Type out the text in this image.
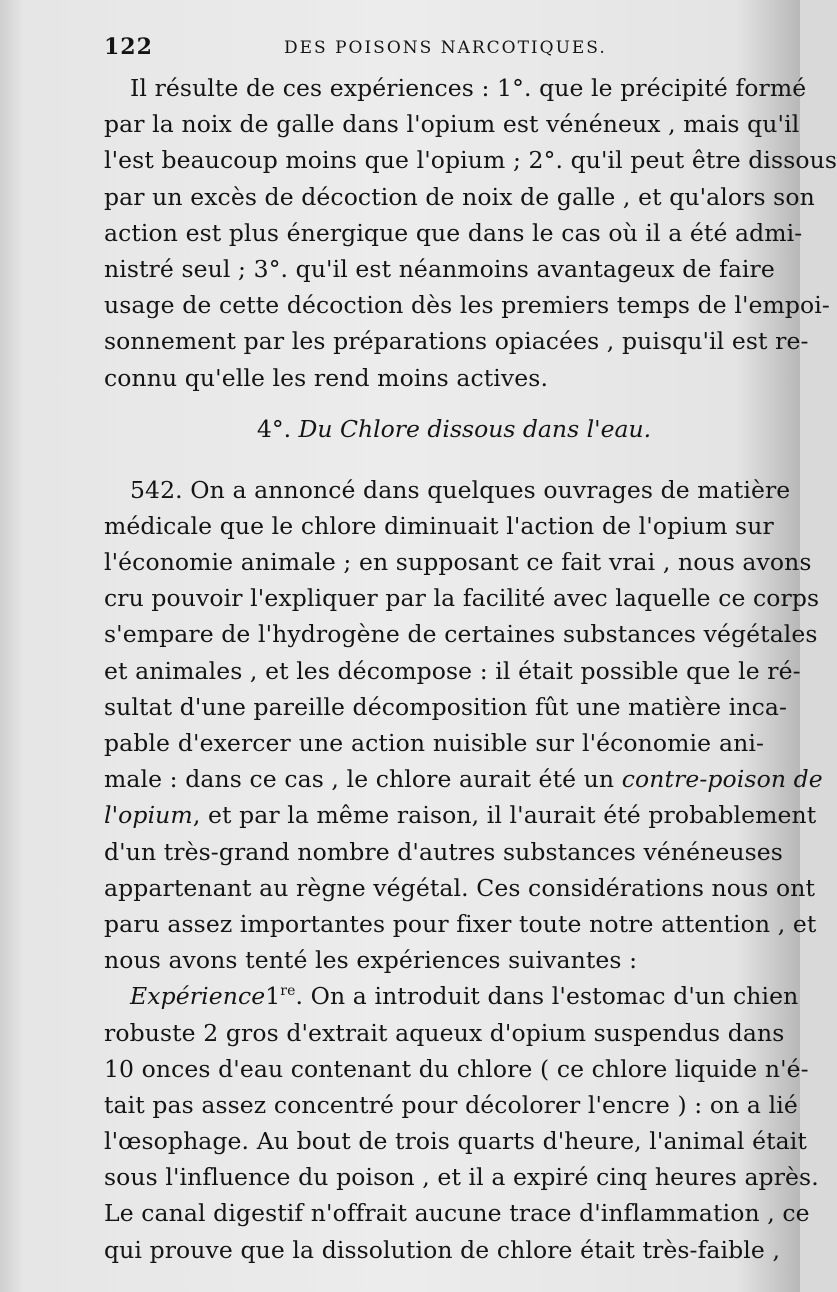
122	DES POISONS NARCOTIQUES.
Il résulte de ces expériences : 1°. que le précipité formé
par la noix de galle dans l'opium est vénéneux , mais qu'il
l'est beaucoup moins que l'opium ; 2°. qu'il peut être dissous
par un excès de décoction de noix de galle , et qu'alors son
action est plus énergique que dans le cas où il a été admi-
nistré seul ; 3°. qu'il est néanmoins avantageux de faire
usage de cette décoction dès les premiers temps de l'empoi-
sonnement par les préparations opiacées , puisqu'il est re-
connu qu'elle les rend moins actives.
4°. Du Chlore dissous dans l'eau.
542. On a annoncé dans quelques ouvrages de matière
médicale que le chlore diminuait l'action de l'opium sur
l'économie animale ; en supposant ce fait vrai , nous avons
cru pouvoir l'expliquer par la facilité avec laquelle ce corps
s'empare de l'hydrogène de certaines substances végétales
et animales , et les décompose : il était possible que le ré-
sultat d'une pareille décomposition fût une matière inca-
pable d'exercer une action nuisible sur l'économie ani-
male : dans ce cas , le chlore aurait été un contre-poison de
l'opium, et par la même raison, il l'aurait été probablement
d'un très-grand nombre d'autres substances vénéneuses
appartenant au règne végétal. Ces considérations nous ont
paru assez importantes pour fixer toute notre attention , et
nous avons tenté les expériences suivantes :
Expérience1re. On a introduit dans l'estomac d'un chien
robuste 2 gros d'extrait aqueux d'opium suspendus dans
10 onces d'eau contenant du chlore ( ce chlore liquide n'é-
tait pas assez concentré pour décolorer l'encre ) : on a lié
l'œsophage. Au bout de trois quarts d'heure, l'animal était
sous l'influence du poison , et il a expiré cinq heures après.
Le canal digestif n'offrait aucune trace d'inflammation , ce
qui prouve que la dissolution de chlore était très-faible ,
